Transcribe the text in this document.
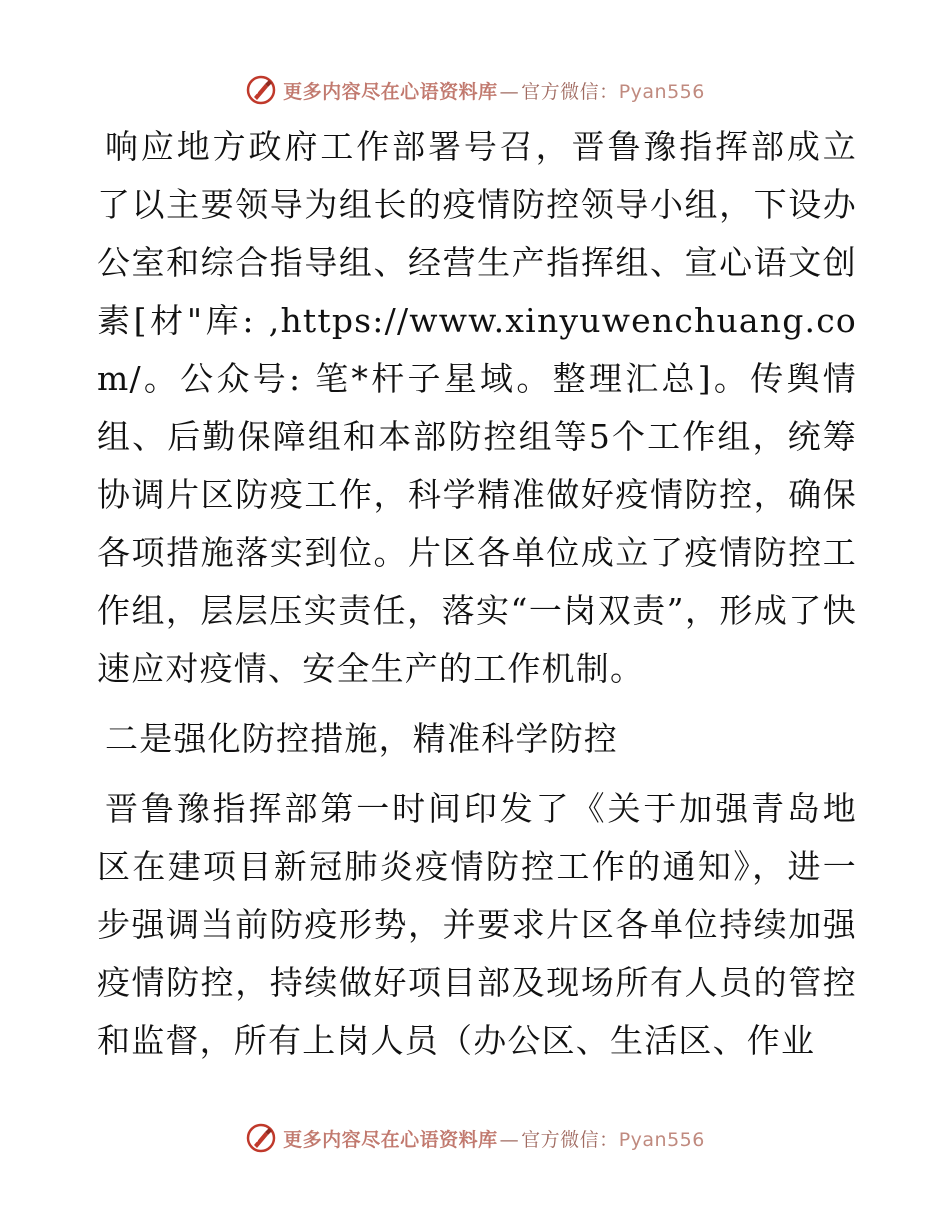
更多内容尽在心语资料库 — 官方微信： Pyan556

响应地方政府工作部署号召，晋鲁豫指挥部成立了以主要领导为组长的疫情防控领导小组，下设办公室和综合指导组、经营生产指挥组、宣心语文创素[材"库: ,https://www.xinyuwenchuang.com/。公众号: 笔*杆子星域。整理汇总]。传舆情组、后勤保障组和本部防控组等5个工作组，统筹协调片区防疫工作，科学精准做好疫情防控，确保各项措施落实到位。片区各单位成立了疫情防控工作组，层层压实责任，落实“一岗双责”，形成了快速应对疫情、安全生产的工作机制。

二是强化防控措施，精准科学防控

晋鲁豫指挥部第一时间印发了《关于加强青岛地区在建项目新冠肺炎疫情防控工作的通知》，进一步强调当前防疫形势，并要求片区各单位持续加强疫情防控，持续做好项目部及现场所有人员的管控和监督，所有上岗人员（办公区、生活区、作业

更多内容尽在心语资料库 — 官方微信： Pyan556
